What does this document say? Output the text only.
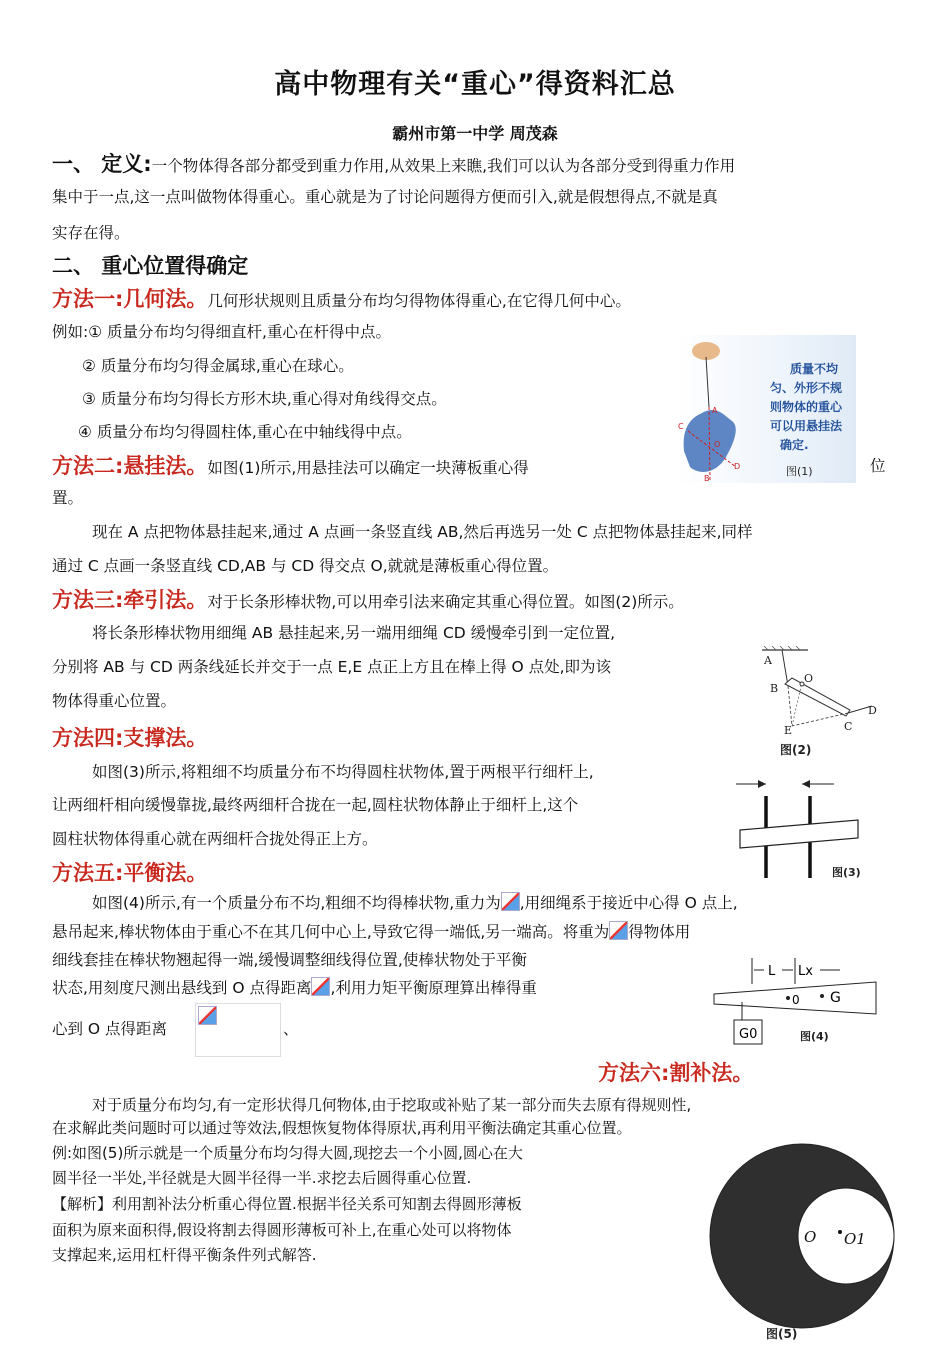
高中物理有关“重心”得资料汇总
霸州市第一中学 周茂森
一、 定义:一个物体得各部分都受到重力作用,从效果上来瞧,我们可以认为各部分受到得重力作用
集中于一点,这一点叫做物体得重心。重心就是为了讨论问题得方便而引入,就是假想得点,不就是真
实存在得。
二、 重心位置得确定
方法一:几何法。几何形状规则且质量分布均匀得物体得重心,在它得几何中心。
例如:① 质量分布均匀得细直杆,重心在杆得中点。
② 质量分布均匀得金属球,重心在球心。
③ 质量分布均匀得长方形木块,重心得对角线得交点。
④ 质量分布均匀得圆柱体,重心在中轴线得中点。
方法二:悬挂法。如图(1)所示,用悬挂法可以确定一块薄板重心得	位
置。
现在 A 点把物体悬挂起来,通过 A 点画一条竖直线 AB,然后再选另一处 C 点把物体悬挂起来,同样
通过 C 点画一条竖直线 CD,AB 与 CD 得交点 O,就就是薄板重心得位置。
A
C
O
D
B
质量不均
匀、外形不规
则物体的重心
可以用悬挂法
确定.
图(1)
方法三:牵引法。对于长条形棒状物,可以用牵引法来确定其重心得位置。如图(2)所示。
将长条形棒状物用细绳 AB 悬挂起来,另一端用细绳 CD 缓慢牵引到一定位置,
分别将 AB 与 CD 两条线延长并交于一点 E,E 点正上方且在棒上得 O 点处,即为该
物体得重心位置。
A
B
O
E	C
D
图(2)
方法四:支撑法。
如图(3)所示,将粗细不均质量分布不均得圆柱状物体,置于两根平行细杆上,
让两细杆相向缓慢靠拢,最终两细杆合拢在一起,圆柱状物体静止于细杆上,这个
圆柱状物体得重心就在两细杆合拢处得正上方。
图(3)
方法五:平衡法。
如图(4)所示,有一个质量分布不均,粗细不均得棒状物,重力为 ,用细绳系于接近中心得 O 点上,
悬吊起来,棒状物体由于重心不在其几何中心上,导致它得一端低,另一端高。将重为 得物体用
细线套挂在棒状物翘起得一端,缓慢调整细线得位置,使棒状物处于平衡
状态,用刻度尺测出悬线到 O 点得距离 ,利用力矩平衡原理算出棒得重
心到 O 点得距离	、
L Lx
G0
0 G
图(4)
方法六:割补法。
对于质量分布均匀,有一定形状得几何物体,由于挖取或补贴了某一部分而失去原有得规则性,
在求解此类问题时可以通过等效法,假想恢复物体得原状,再利用平衡法确定其重心位置。
例:如图(5)所示就是一个质量分布均匀得大圆,现挖去一个小圆,圆心在大
圆半径一半处,半径就是大圆半径得一半.求挖去后圆得重心位置.
【解析】利用割补法分析重心得位置.根据半径关系可知割去得圆形薄板
面积为原来面积得,假设将割去得圆形薄板可补上,在重心处可以将物体
支撑起来,运用杠杆得平衡条件列式解答.
O O1
图(5)
